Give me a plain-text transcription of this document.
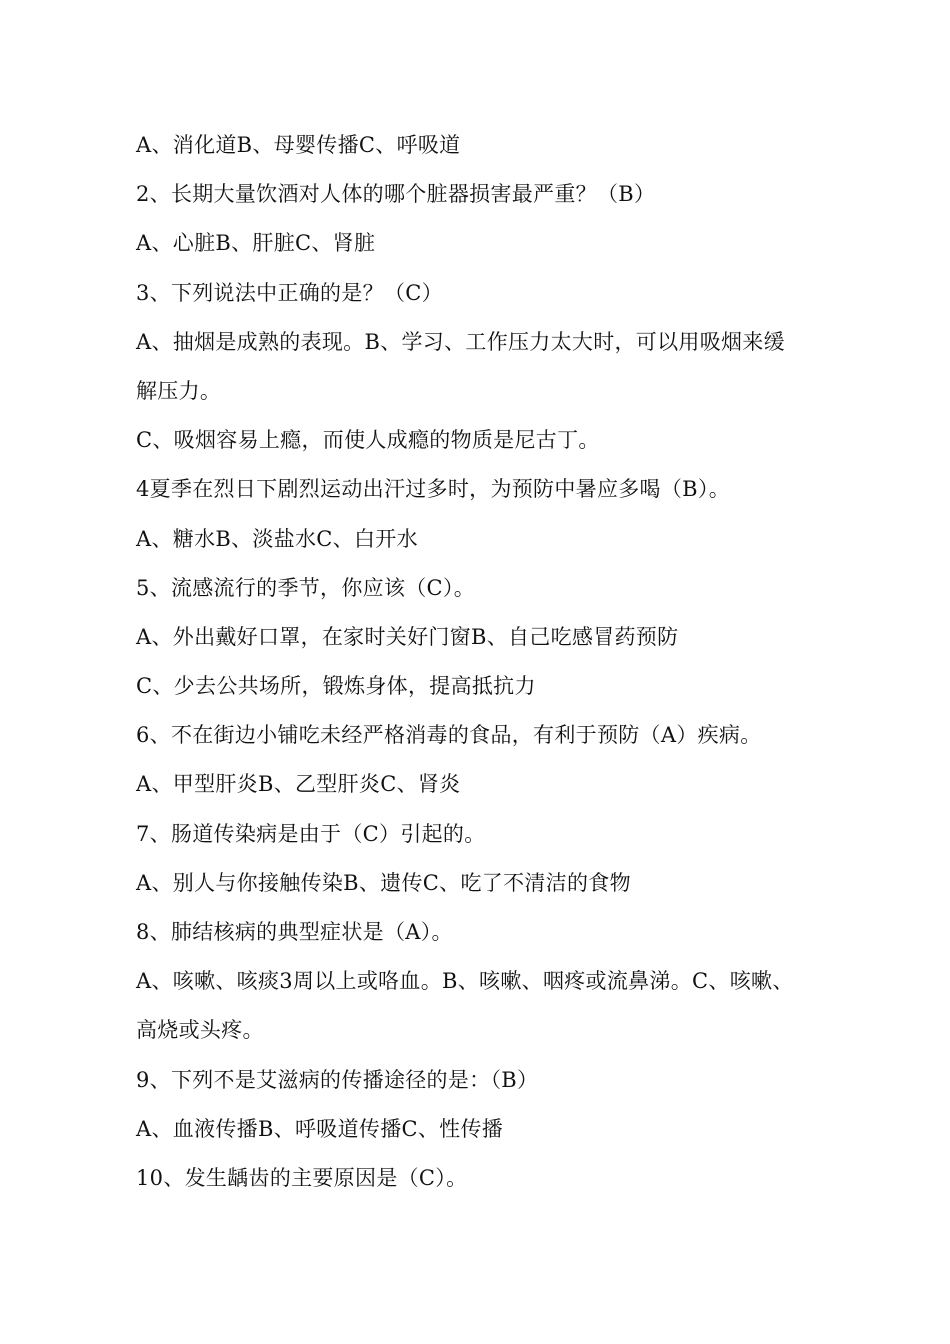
A、消化道B、母婴传播C、呼吸道
2、长期大量饮酒对人体的哪个脏器损害最严重？（B）
A、心脏B、肝脏C、肾脏
3、下列说法中正确的是？（C）
A、抽烟是成熟的表现。B、学习、工作压力太大时，可以用吸烟来缓
解压力。
C、吸烟容易上瘾，而使人成瘾的物质是尼古丁。
4夏季在烈日下剧烈运动出汗过多时，为预防中暑应多喝（B）。
A、糖水B、淡盐水C、白开水
5、流感流行的季节，你应该（C）。
A、外出戴好口罩，在家时关好门窗B、自己吃感冒药预防
C、少去公共场所，锻炼身体，提高抵抗力
6、不在街边小铺吃未经严格消毒的食品，有利于预防（A）疾病。
A、甲型肝炎B、乙型肝炎C、肾炎
7、肠道传染病是由于（C）引起的。
A、别人与你接触传染B、遗传C、吃了不清洁的食物
8、肺结核病的典型症状是（A）。
A、咳嗽、咳痰3周以上或咯血。B、咳嗽、咽疼或流鼻涕。C、咳嗽、
高烧或头疼。
9、下列不是艾滋病的传播途径的是：（B）
A、血液传播B、呼吸道传播C、性传播
10、发生龋齿的主要原因是（C）。
